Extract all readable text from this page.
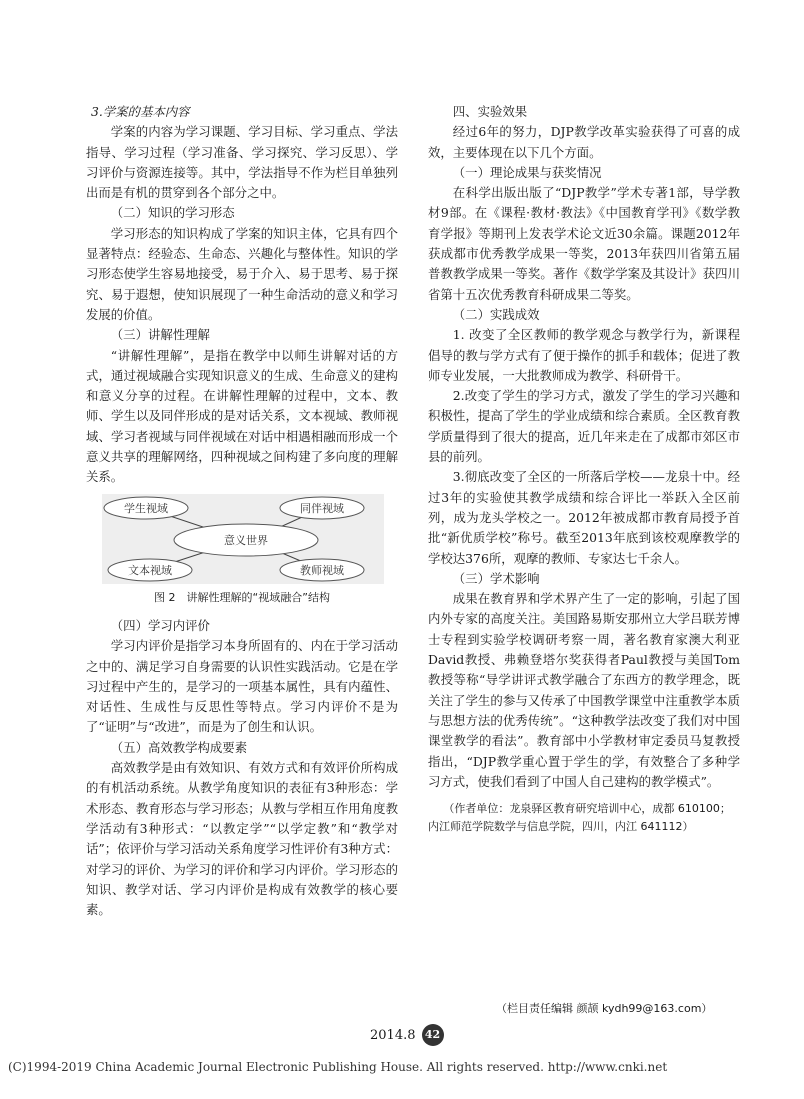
3.学案的基本内容

学案的内容为学习课题、学习目标、学习重点、学法指导、学习过程（学习准备、学习探究、学习反思）、学习评价与资源连接等。其中，学法指导不作为栏目单独列出而是有机的贯穿到各个部分之中。

（二）知识的学习形态

学习形态的知识构成了学案的知识主体，它具有四个显著特点：经验态、生命态、兴趣化与整体性。知识的学习形态使学生容易地接受，易于介入、易于思考、易于探究、易于遐想，使知识展现了一种生命活动的意义和学习发展的价值。

（三）讲解性理解

“讲解性理解”，是指在教学中以师生讲解对话的方式，通过视域融合实现知识意义的生成、生命意义的建构和意义分享的过程。在讲解性理解的过程中，文本、教师、学生以及同伴形成的是对话关系，文本视域、教师视域、学习者视域与同伴视域在对话中相遇相融而形成一个意义共享的理解网络，四种视域之间构建了多向度的理解关系。

学生视域	同伴视域
文本视域	教师视域
意义世界

图 2　讲解性理解的“视域融合”结构

（四）学习内评价

学习内评价是指学习本身所固有的、内在于学习活动之中的、满足学习自身需要的认识性实践活动。它是在学习过程中产生的，是学习的一项基本属性，具有内蕴性、对话性、生成性与反思性等特点。学习内评价不是为了“证明”与“改进”，而是为了创生和认识。

（五）高效教学构成要素

高效教学是由有效知识、有效方式和有效评价所构成的有机活动系统。从教学角度知识的表征有3种形态：学术形态、教育形态与学习形态；从教与学相互作用角度教学活动有3种形式：“以教定学”“以学定教”和“教学对话”；依评价与学习活动关系角度学习性评价有3种方式：对学习的评价、为学习的评价和学习内评价。学习形态的知识、教学对话、学习内评价是构成有效教学的核心要素。

四、实验效果

经过6年的努力，DJP教学改革实验获得了可喜的成效，主要体现在以下几个方面。

（一）理论成果与获奖情况

在科学出版出版了“DJP教学”学术专著1部，导学教材9部。在《课程·教材·教法》《中国教育学刊》《数学教育学报》等期刊上发表学术论文近30余篇。课题2012年获成都市优秀教学成果一等奖，2013年获四川省第五届普教教学成果一等奖。著作《数学学案及其设计》获四川省第十五次优秀教育科研成果二等奖。

（二）实践成效

1. 改变了全区教师的教学观念与教学行为，新课程倡导的教与学方式有了便于操作的抓手和载体；促进了教师专业发展，一大批教师成为教学、科研骨干。

2.改变了学生的学习方式，激发了学生的学习兴趣和积极性，提高了学生的学业成绩和综合素质。全区教育教学质量得到了很大的提高，近几年来走在了成都市郊区市县的前列。

3.彻底改变了全区的一所落后学校——龙泉十中。经过3年的实验使其教学成绩和综合评比一举跃入全区前列，成为龙头学校之一。2012年被成都市教育局授予首批“新优质学校”称号。截至2013年底到该校观摩教学的学校达376所，观摩的教师、专家达七千余人。

（三）学术影响

成果在教育界和学术界产生了一定的影响，引起了国内外专家的高度关注。美国路易斯安那州立大学吕联芳博士专程到实验学校调研考察一周，著名教育家澳大利亚David教授、弗赖登塔尔奖获得者Paul教授与美国Tom教授等称“导学讲评式教学融合了东西方的教学理念，既关注了学生的参与又传承了中国教学课堂中注重教学本质与思想方法的优秀传统”。“这种教学法改变了我们对中国课堂教学的看法”。教育部中小学教材审定委员马复教授指出，“DJP教学重心置于学生的学，有效整合了多种学习方式，使我们看到了中国人自己建构的教学模式”。

（作者单位：龙泉驿区教育研究培训中心，成都 610100；
内江师范学院数学与信息学院，四川，内江 641112）
（栏目责任编辑 颜颉 kydh99@163.com）
2014.8 42
(C)1994-2019 China Academic Journal Electronic Publishing House. All rights reserved. http://www.cnki.net
